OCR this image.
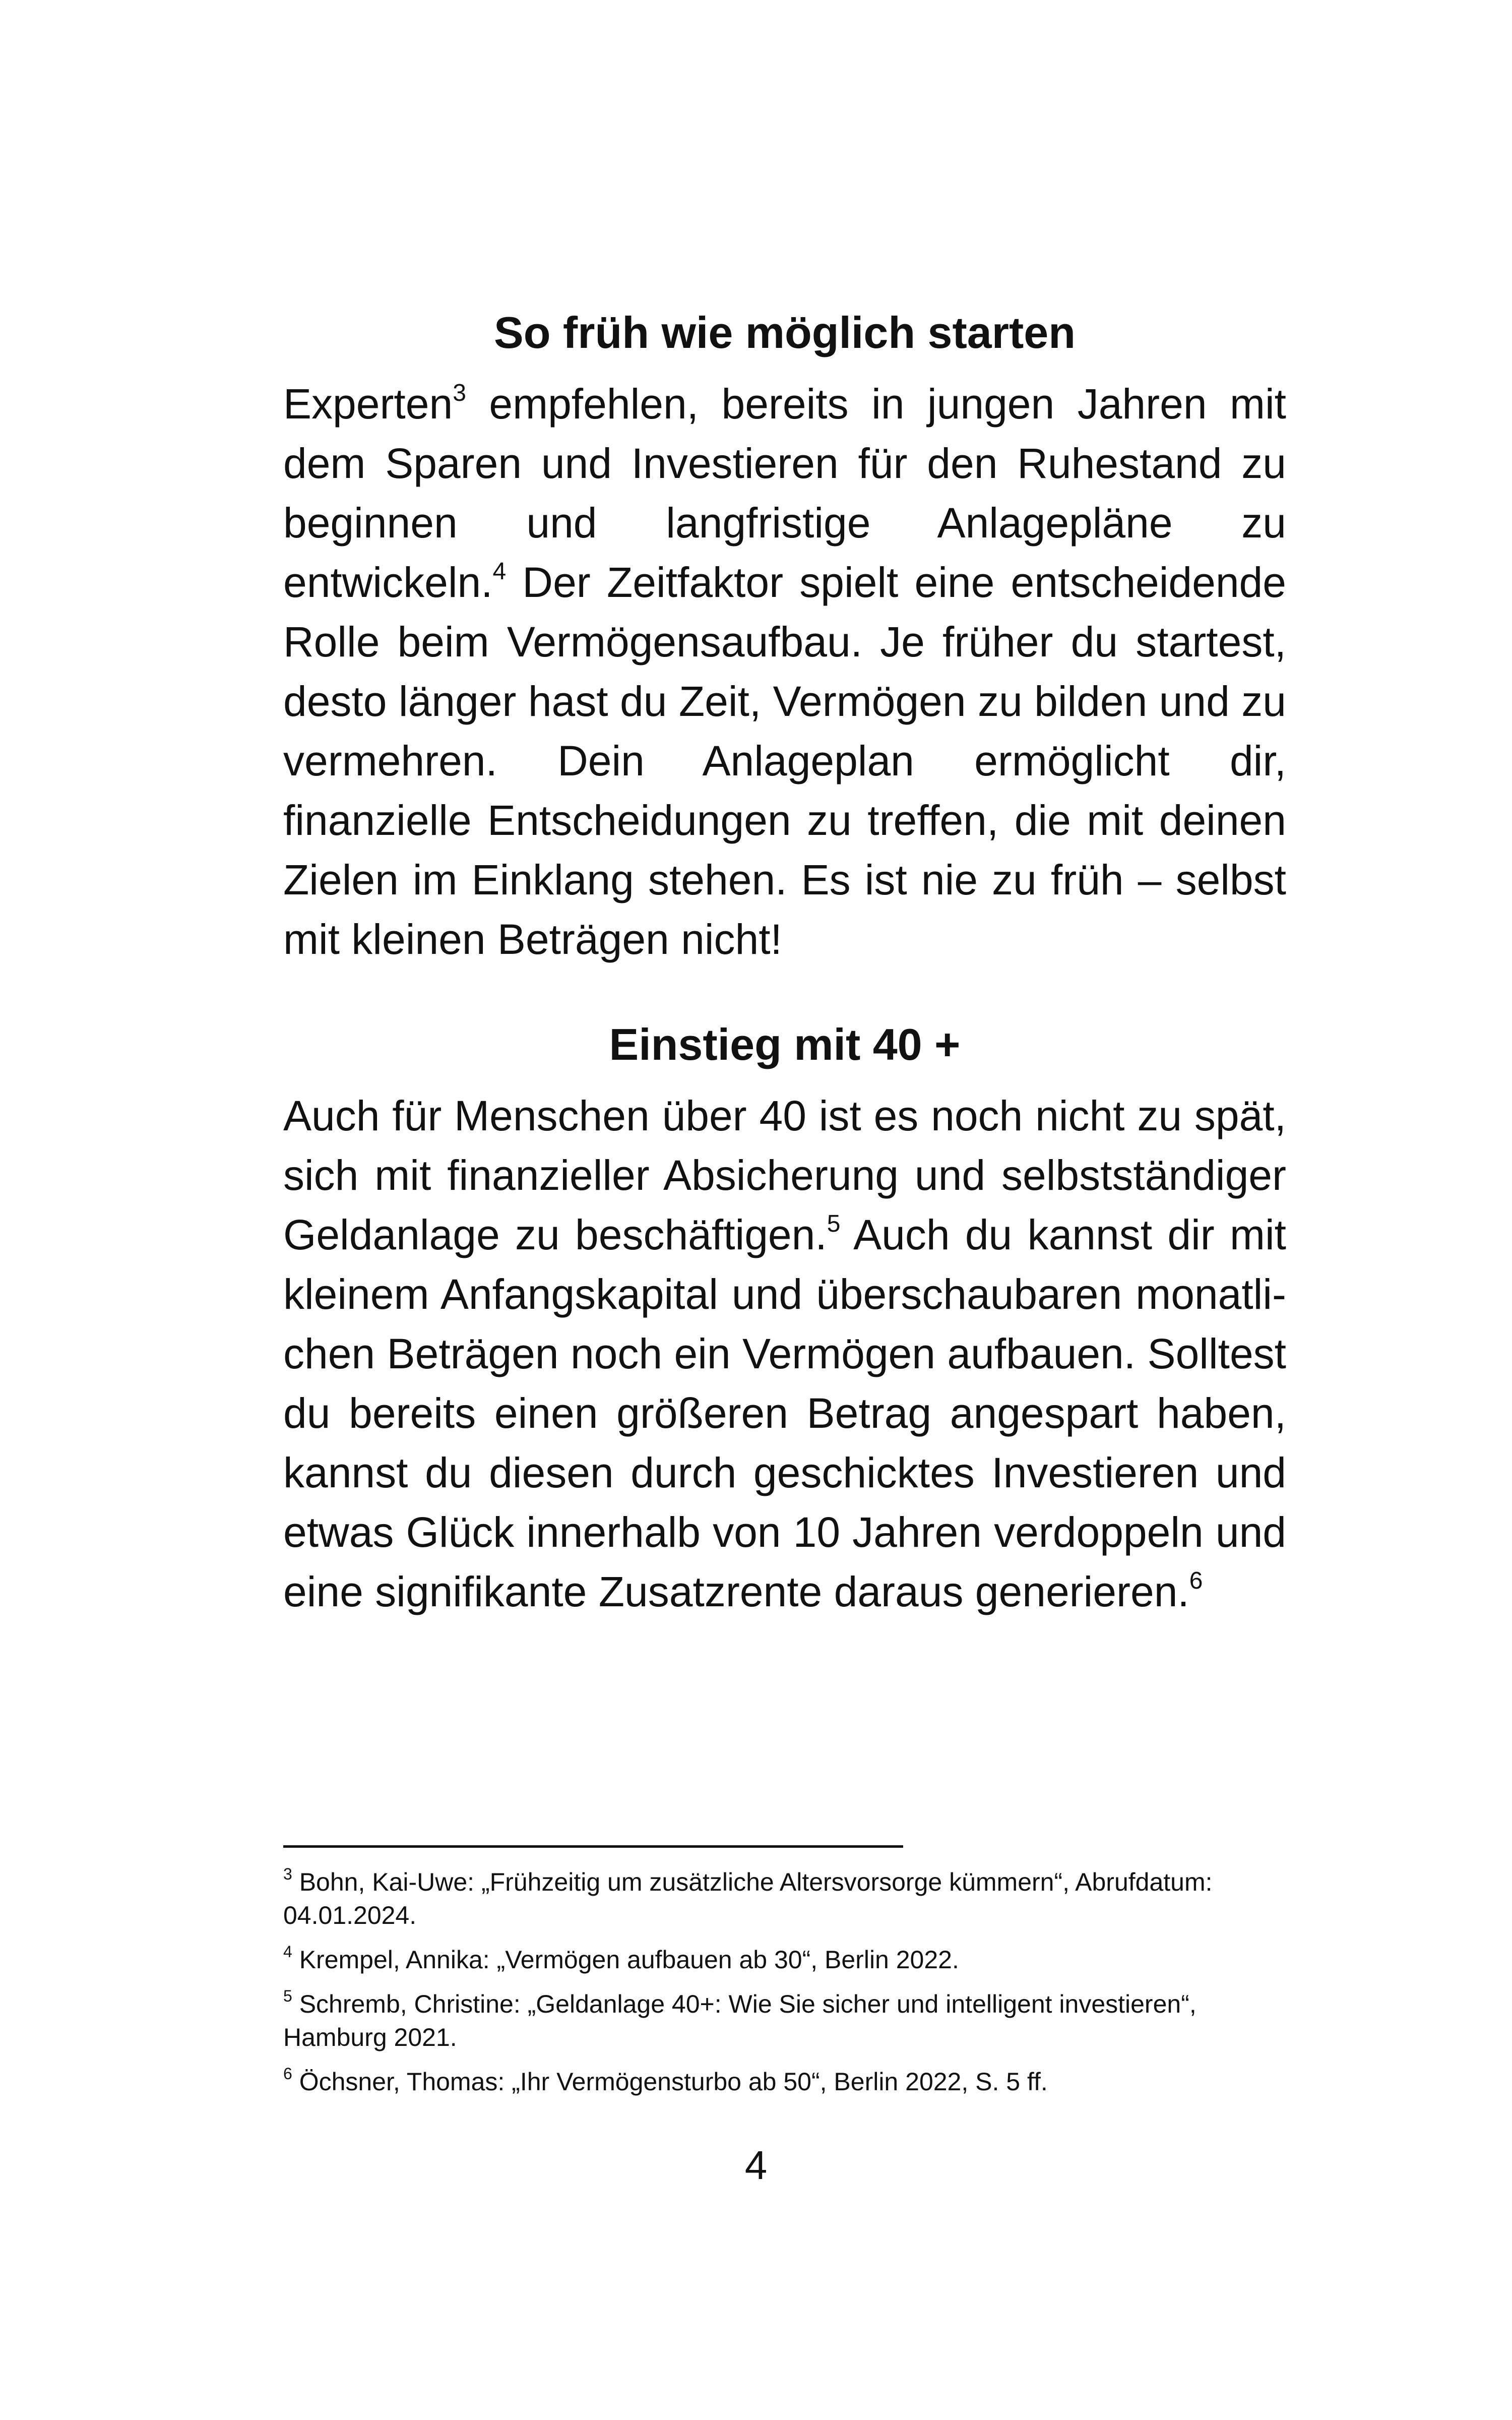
So früh wie möglich starten

Experten$^3$ empfehlen, bereits in jungen Jahren mit dem Sparen und Investieren für den Ruhestand zu beginnen und langfristige Anlagepläne zu entwickeln.$^4$ Der Zeitfaktor spielt eine entscheidende Rolle beim Vermögensaufbau. Je früher du startest, desto länger hast du Zeit, Vermögen zu bilden und zu vermehren. Dein Anlageplan ermöglicht dir, finanzielle Entscheidungen zu treffen, die mit deinen Zielen im Einklang stehen. Es ist nie zu früh – selbst mit kleinen Beträgen nicht!

Einstieg mit 40 +

Auch für Menschen über 40 ist es noch nicht zu spät, sich mit finanzieller Absicherung und selbstständiger Geldanlage zu beschäftigen.$^5$ Auch du kannst dir mit kleinem Anfangskapital und überschaubaren monatlichen Beträgen noch ein Vermögen aufbauen. Solltest du bereits einen größeren Betrag angespart haben, kannst du diesen durch geschicktes Investieren und etwas Glück innerhalb von 10 Jahren verdoppeln und eine signifikante Zusatzrente daraus generieren.$^6$

$^3$ Bohn, Kai-Uwe: „Frühzeitig um zusätzliche Altersvorsorge kümmern“, Abrufdatum: 04.01.2024.

$^4$ Krempel, Annika: „Vermögen aufbauen ab 30“, Berlin 2022.

$^5$ Schremb, Christine: „Geldanlage 40+: Wie Sie sicher und intelligent investieren“, Hamburg 2021.

$^6$ Öchsner, Thomas: „Ihr Vermögensturbo ab 50“, Berlin 2022, S. 5 ff.

4
